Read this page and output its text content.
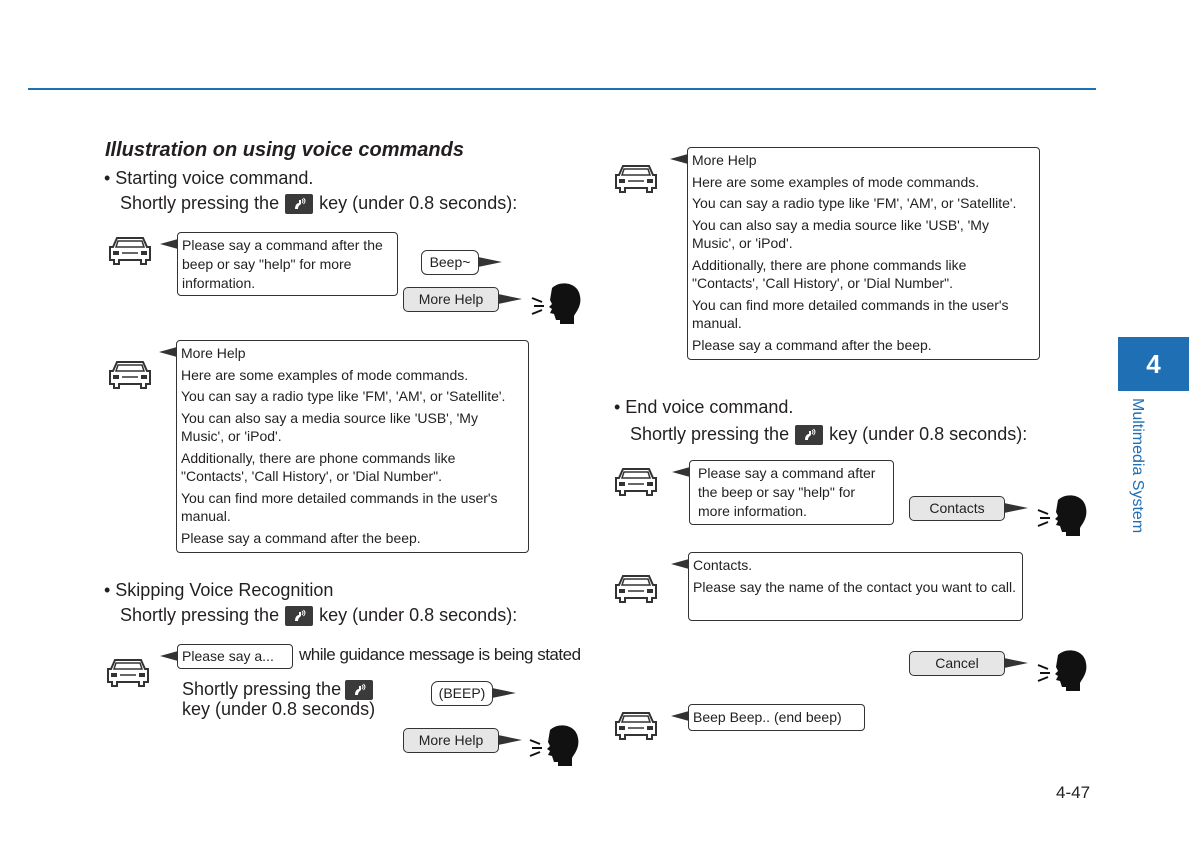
Illustration on using voice commands
• Starting voice command.
Shortly pressing the key (under 0.8 seconds):

Please say a command after the beep or say "help" for more information.

Beep~
More Help

More Help

Here are some examples of mode commands.

You can say a radio type like 'FM', 'AM', or 'Satellite'.

You can also say a media source like 'USB', 'My Music', or 'iPod'.

Additionally, there are phone commands like "Contacts', 'Call History', or 'Dial Number".

You can find more detailed commands in the user's manual.

Please say a command after the beep.

• Skipping Voice Recognition
Shortly pressing the key (under 0.8 seconds):

Please say a...	while guidance message is being stated
Shortly pressing the
key (under 0.8 seconds)
(BEEP)
More Help

More Help

Here are some examples of mode commands.

You can say a radio type like 'FM', 'AM', or 'Satellite'.

You can also say a media source like 'USB', 'My Music', or 'iPod'.

Additionally, there are phone commands like "Contacts', 'Call History', or 'Dial Number".

You can find more detailed commands in the user's manual.

Please say a command after the beep.

• End voice command.
Shortly pressing the key (under 0.8 seconds):

Please say a command after the beep or say "help" for more information.	Contacts

Contacts.

Please say the name of the contact you want to call.

Cancel

Beep Beep.. (end beep)

4
Multimedia System
4-47
